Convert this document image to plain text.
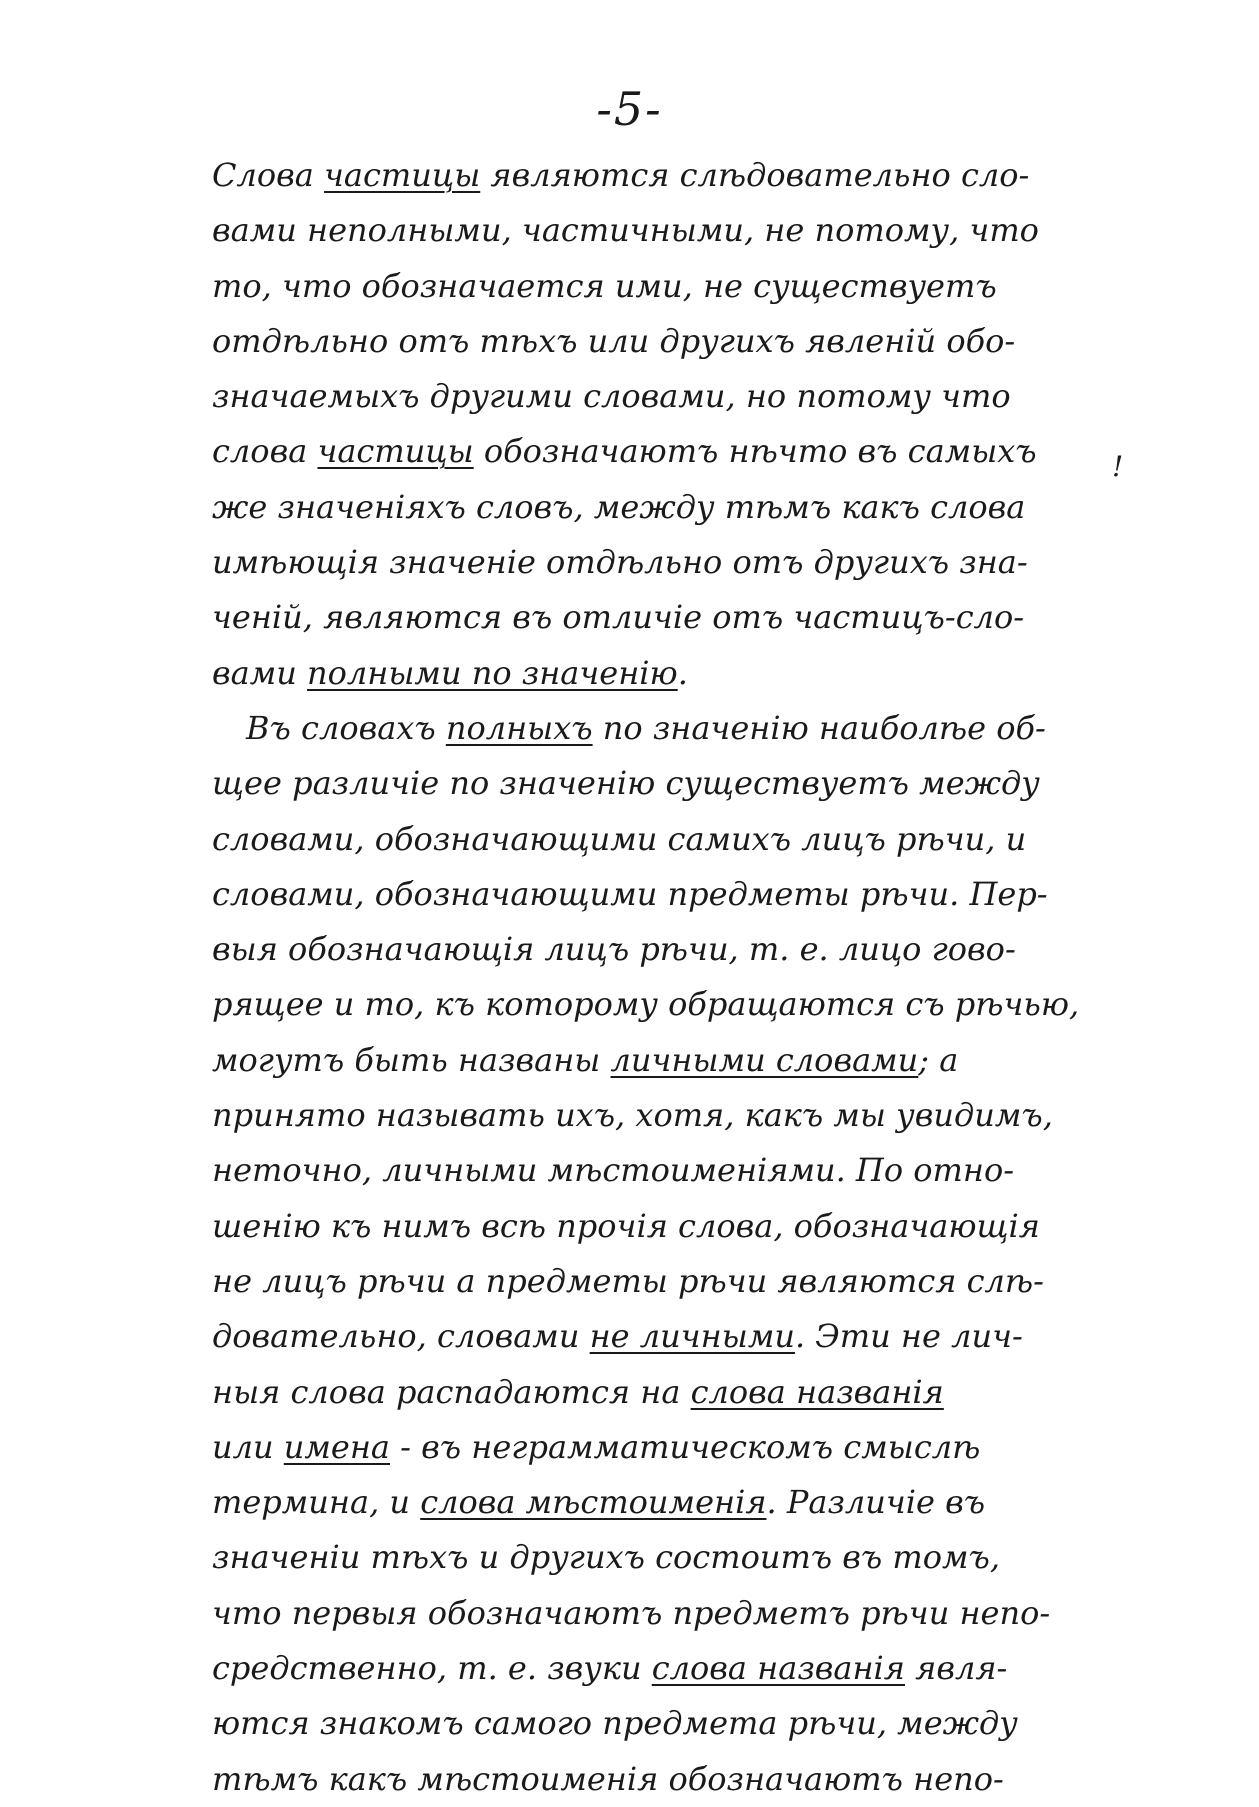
-5-
!
Слова частицы являются слѣдовательно сло-
вами неполными, частичными, не потому, что
то, что обозначается ими, не существуетъ
отдѣльно отъ тѣхъ или другихъ явленій обо-
значаемыхъ другими словами, но потому что
слова частицы обозначаютъ нѣчто въ самыхъ
же значеніяхъ словъ, между тѣмъ какъ слова
имѣющія значеніе отдѣльно отъ другихъ зна-
ченій, являются въ отличіе отъ частицъ-сло-
вами полными по значенію.
Въ словахъ полныхъ по значенію наиболѣе об-
щее различіе по значенію существуетъ между
словами, обозначающими самихъ лицъ рѣчи, и
словами, обозначающими предметы рѣчи. Пер-
выя обозначающія лицъ рѣчи, т. е. лицо гово-
рящее и то, къ которому обращаются съ рѣчью,
могутъ быть названы личными словами; а
принято называть ихъ, хотя, какъ мы увидимъ,
неточно, личными мѣстоименіями. По отно-
шенію къ нимъ всѣ прочія слова, обозначающія
не лицъ рѣчи а предметы рѣчи являются слѣ-
довательно, словами не личными. Эти не лич-
ныя слова распадаются на слова названія
или имена - въ неграмматическомъ смыслѣ
термина, и слова мѣстоименія. Различіе въ
значеніи тѣхъ и другихъ состоитъ въ томъ,
что первыя обозначаютъ предметъ рѣчи непо-
средственно, т. е. звуки слова названія явля-
ются знакомъ самого предмета рѣчи, между
тѣмъ какъ мѣстоименія обозначаютъ непо-
